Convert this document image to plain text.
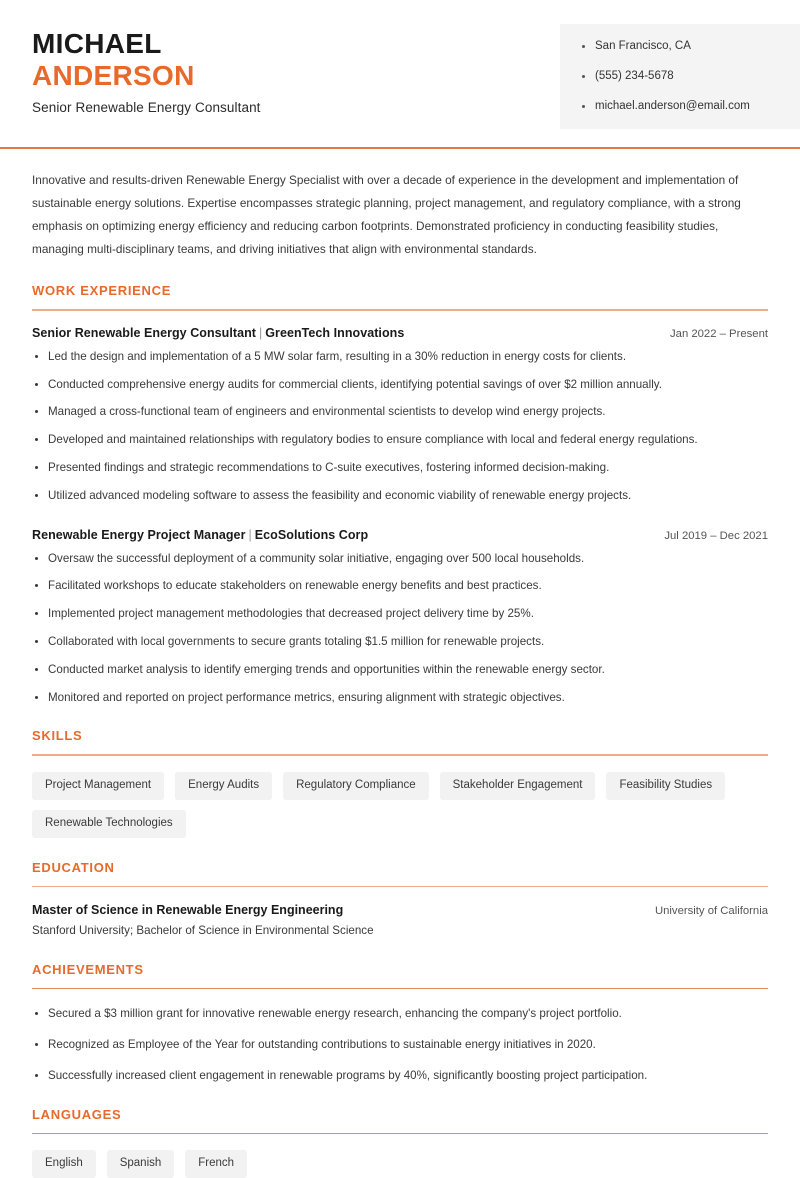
MICHAEL
ANDERSON
Senior Renewable Energy Consultant
San Francisco, CA
(555) 234-5678
michael.anderson@email.com

Innovative and results-driven Renewable Energy Specialist with over a decade of experience in the development and implementation of sustainable energy solutions. Expertise encompasses strategic planning, project management, and regulatory compliance, with a strong emphasis on optimizing energy efficiency and reducing carbon footprints. Demonstrated proficiency in conducting feasibility studies, managing multi-disciplinary teams, and driving initiatives that align with environmental standards.

WORK EXPERIENCE
Senior Renewable Energy Consultant | GreenTech Innovations	Jan 2022 – Present
Led the design and implementation of a 5 MW solar farm, resulting in a 30% reduction in energy costs for clients.
Conducted comprehensive energy audits for commercial clients, identifying potential savings of over $2 million annually.
Managed a cross-functional team of engineers and environmental scientists to develop wind energy projects.
Developed and maintained relationships with regulatory bodies to ensure compliance with local and federal energy regulations.
Presented findings and strategic recommendations to C-suite executives, fostering informed decision-making.
Utilized advanced modeling software to assess the feasibility and economic viability of renewable energy projects.
Renewable Energy Project Manager | EcoSolutions Corp	Jul 2019 – Dec 2021
Oversaw the successful deployment of a community solar initiative, engaging over 500 local households.
Facilitated workshops to educate stakeholders on renewable energy benefits and best practices.
Implemented project management methodologies that decreased project delivery time by 25%.
Collaborated with local governments to secure grants totaling $1.5 million for renewable projects.
Conducted market analysis to identify emerging trends and opportunities within the renewable energy sector.
Monitored and reported on project performance metrics, ensuring alignment with strategic objectives.
SKILLS
Project Management	Energy Audits	Regulatory Compliance	Stakeholder Engagement	Feasibility Studies
Renewable Technologies
EDUCATION
Master of Science in Renewable Energy Engineering	University of California
Stanford University; Bachelor of Science in Environmental Science
ACHIEVEMENTS
Secured a $3 million grant for innovative renewable energy research, enhancing the company's project portfolio.
Recognized as Employee of the Year for outstanding contributions to sustainable energy initiatives in 2020.
Successfully increased client engagement in renewable programs by 40%, significantly boosting project participation.
LANGUAGES
English	Spanish	French
